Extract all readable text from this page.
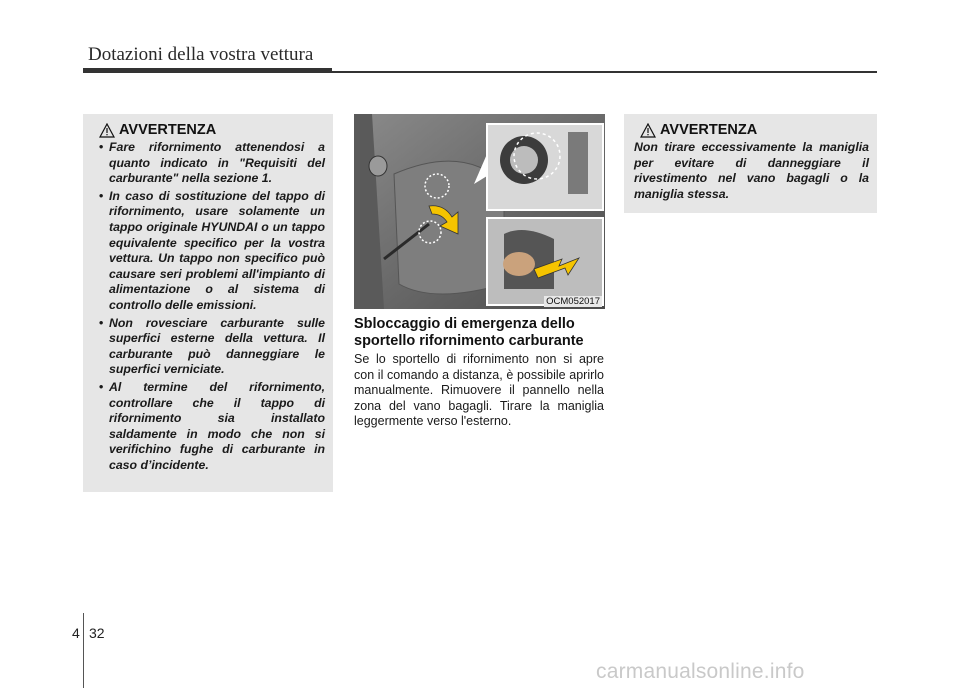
Dotazioni della vostra vettura
AVVERTENZA
• Fare rifornimento attenendosi a quanto indicato in "Requisiti del carburante" nella sezione 1.
• In caso di sostituzione del tappo di rifornimento, usare solamente un tappo originale HYUNDAI o un tappo equivalente specifico per la vostra vettura. Un tappo non specifico può causare seri problemi all'impianto di alimentazione o al sistema di controllo delle emissioni.
• Non rovesciare carburante sulle superfici esterne della vettura. Il carburante può danneggiare le superfici verniciate.
• Al termine del rifornimento, controllare che il tappo di rifornimento sia installato saldamente in modo che non si verifichino fughe di carburante in caso d’incidente.
OCM052017
Sbloccaggio di emergenza dello sportello rifornimento carburante

Se lo sportello di rifornimento non si apre con il comando a distanza, è possibile aprirlo manualmente. Rimuovere il pannello nella zona del vano bagagli. Tirare la maniglia leggermente verso l'esterno.

AVVERTENZA

Non tirare eccessivamente la maniglia per evitare di danneggiare il rivestimento nel vano bagagli o la maniglia stessa.

4 32
carmanualsonline.info
